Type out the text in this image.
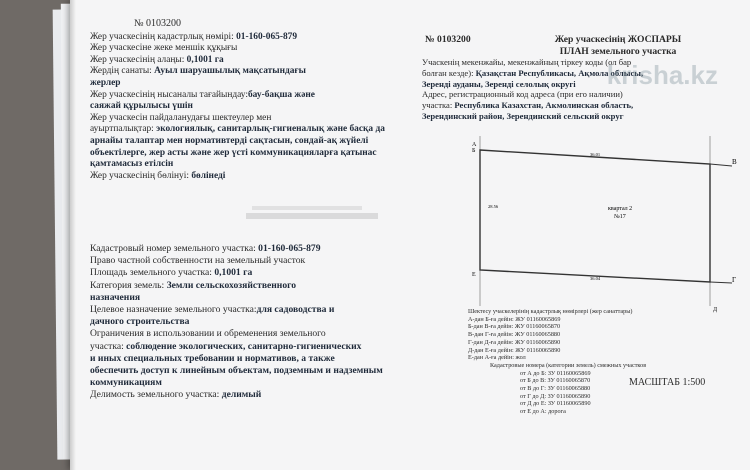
№ 0103200
Жер учаскесінің кадастрлық нөмірі: 01-160-065-879
Жер учаскесіне жеке меншік құқығы
Жер учаскесінің алаңы: 0,1001 га
Жердің санаты: Ауыл шаруашылық мақсатындағы
жерлер
Жер учаскесінің нысаналы тағайындау:бау-бақша және
саяжай құрылысы үшін
Жер учаскесін пайдаланудағы шектеулер мен
ауыртпалықтар: экологиялық, санитарлық-гигиеналық және басқа да
арнайы талаптар мен нормативтерді сақтасын, сондай-ақ жүйелі
объектілерге, жер асты және жер үсті коммуникацияларға қатынас
қамтамасыз етілсін
Жер учаскесінің бөлінуі: бөлінеді
Кадастровый номер земельного участка: 01-160-065-879
Право частной собственности на земельный участок
Площадь земельного участка: 0,1001 га
Категория земель: Земли сельскохозяйственного
назначения
Целевое назначение земельного участка:для садоводства и
дачного строительства
Ограничения в использовании и обременения земельного
участка: соблюдение экологических, санитарно-гигиенических
и иных специальных требовании и нормативов, а также
обеспечить доступ к линейным объектам, подземным и надземным
коммуникациям
Делимость земельного участка: делимый
№ 0103200	Жер учаскесінің ЖОСПАРЫ
ПЛАН земельного участка
Учаскенің мекенжайы, мекенжайның тіркеу коды (ол бар
болған кезде): Қазақстан Республикасы, Ақмола облысы,
Зеренді ауданы, Зеренді селолық округі
Адрес, регистрационный код адреса (при его наличии)
участка: Республика Казахстан, Акмолинская область,
Зерендинский район, Зерендинский сельский округ
А
Б
В
Г
Д
Е
36.01
36.04
28.56	квартал 2
№17
Шектесу учаскелерінің кадастрлық нөмірлері (жер санаттары)
А-дан Б-ға дейін: ЖУ 01160065869
Б-дан В-ға дейін: ЖУ 01160065870
В-дан Г-ға дейін: ЖУ 01160065880
Г-дан Д-ға дейін: ЖУ 01160065890
Д-дан Е-ға дейін: ЖУ 01160065890
Е-дан А-ға дейін: жол
Кадастровые номера (категории земель) смежных участков
от А до Б: ЗУ 01160065869
от Б до В: ЗУ 01160065870
от В до Г: ЗУ 01160065880
от Г до Д: ЗУ 01160065890
от Д до Е: ЗУ 01160065890
от Е до А: дорога
МАСШТАБ 1:500
krisha.kz
